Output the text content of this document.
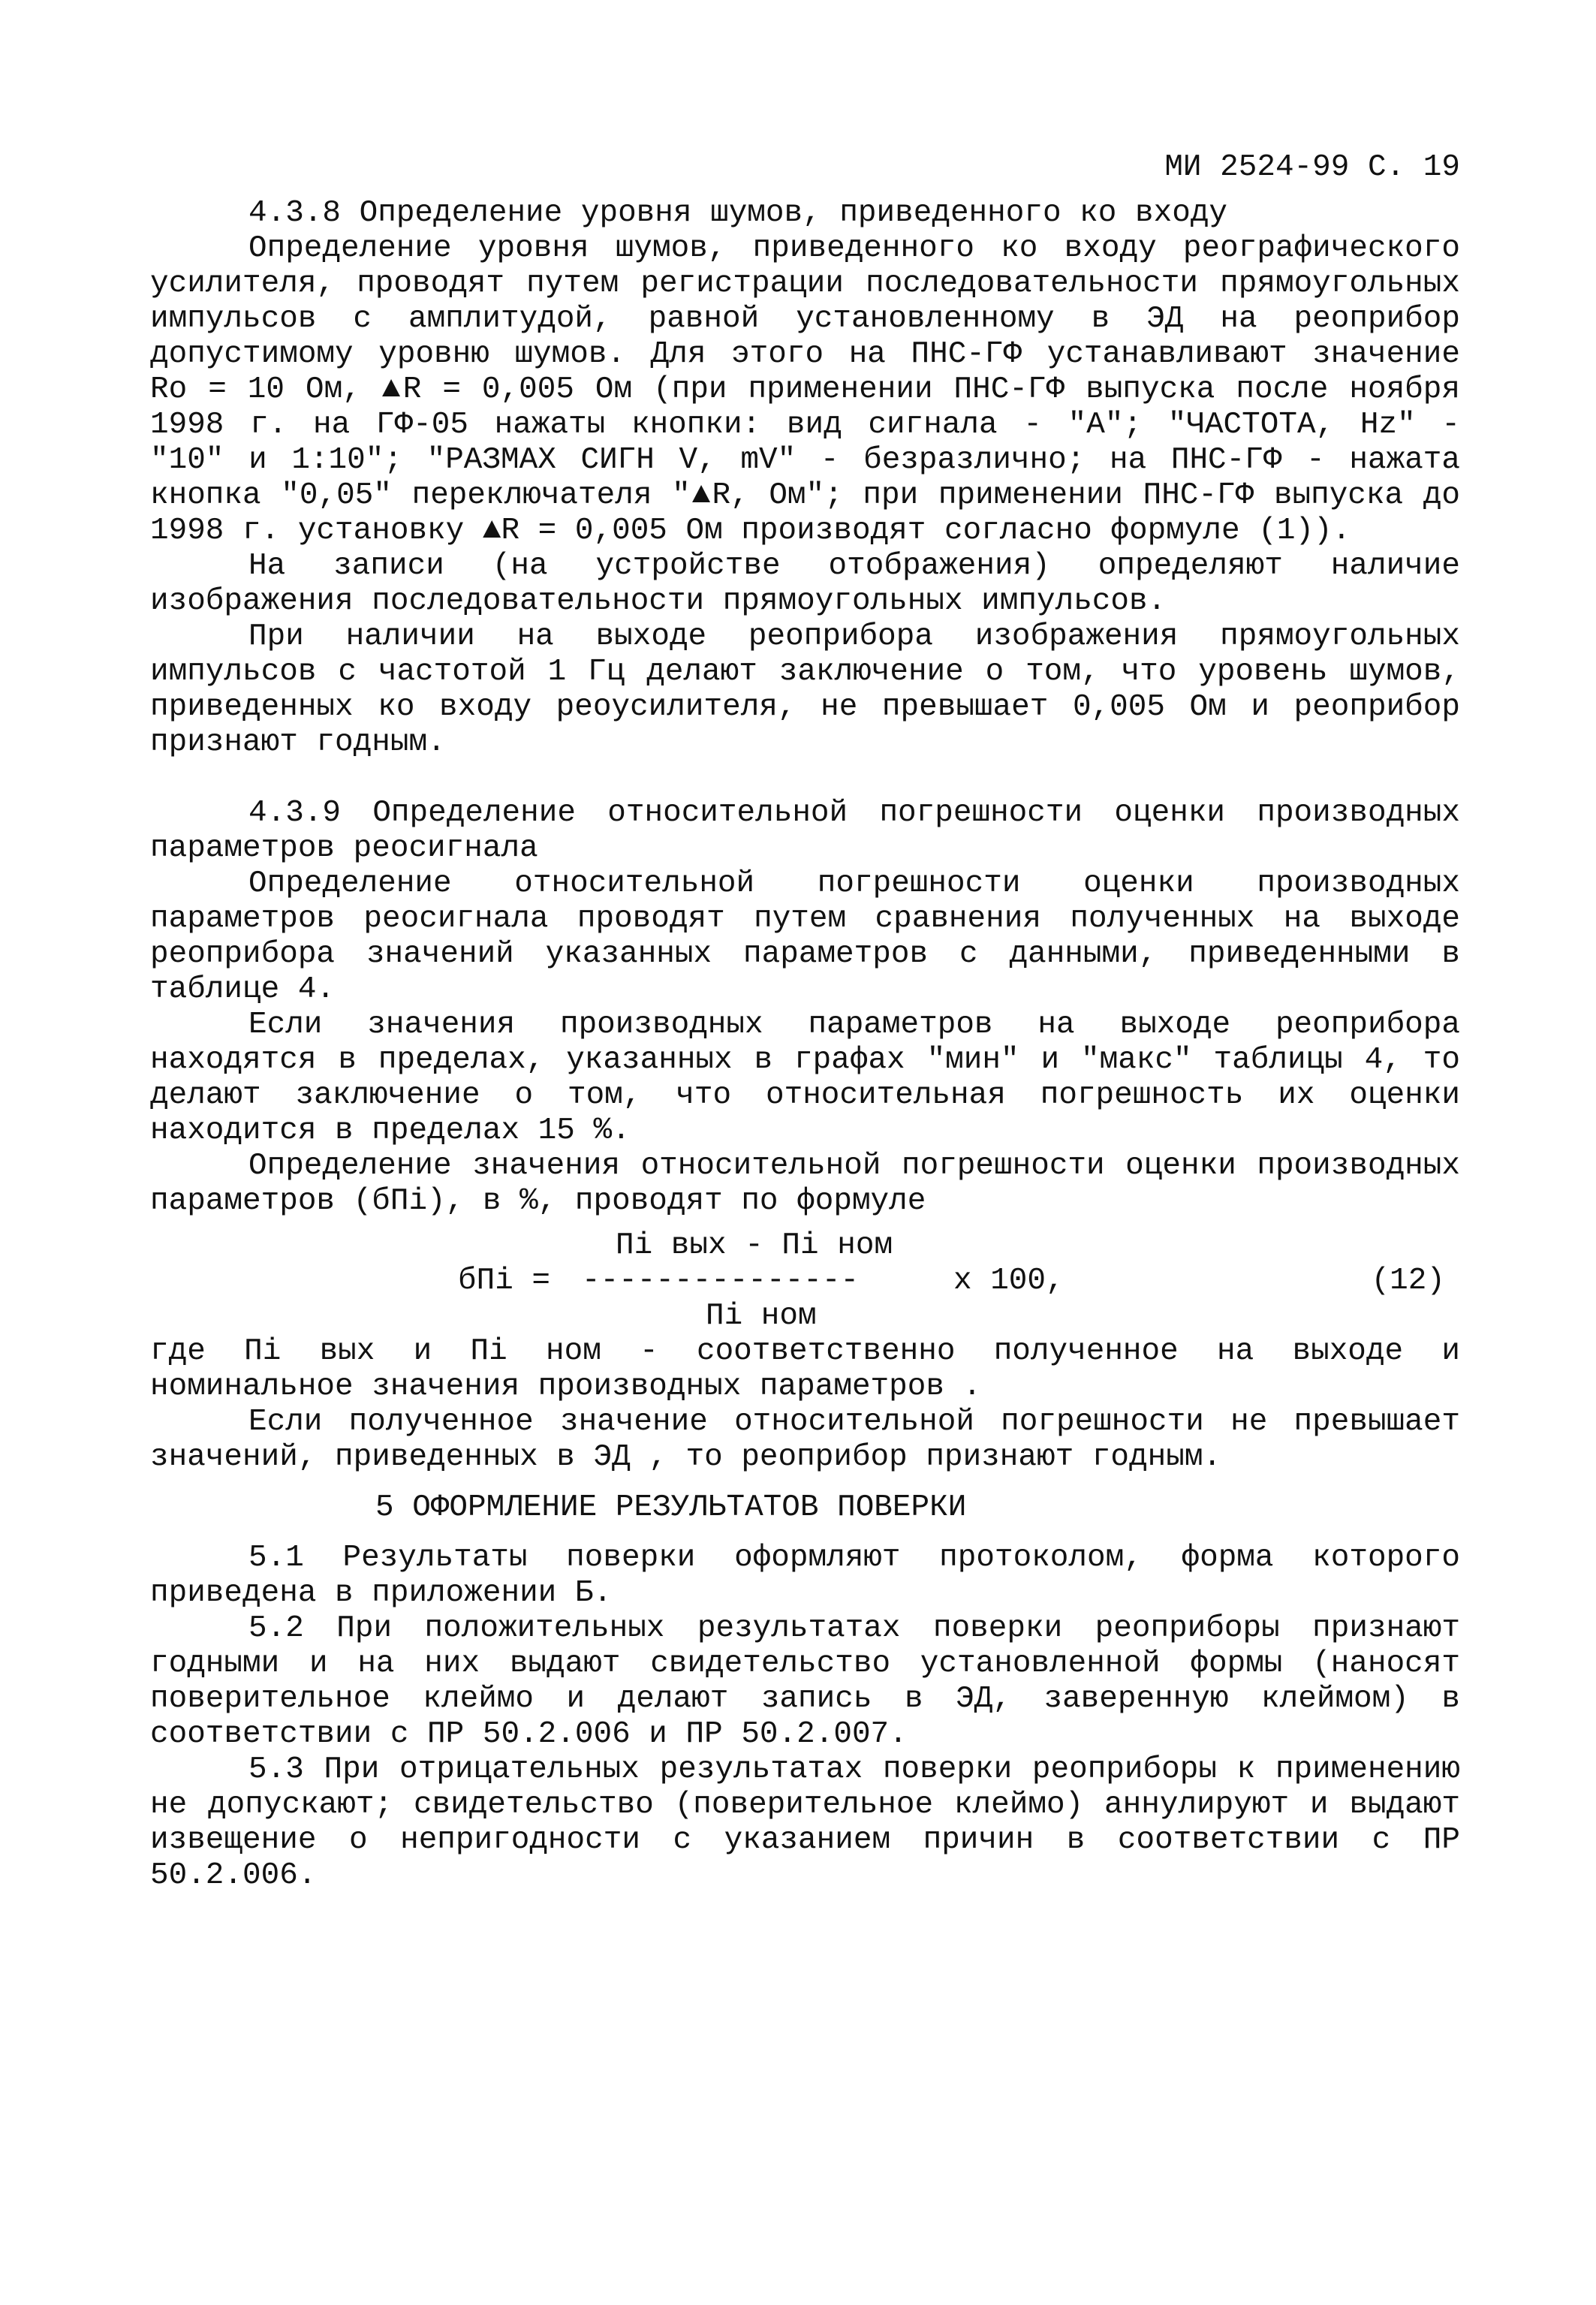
МИ 2524-99 С. 19

4.3.8 Определение уровня шумов, приведенного ко входу

Определение уровня шумов, приведенного ко входу реографического усилителя, проводят путем регистрации последовательности прямоугольных импульсов с амплитудой, равной установленному в ЭД на реоприбор допустимому уровню шумов. Для этого на ПНС-ГФ устанавливают значение Ro = 10 Ом, ▲R = 0,005 Ом (при применении ПНС-ГФ выпуска после ноября 1998 г. на ГФ-05 нажаты кнопки: вид сигнала - "А"; "ЧАСТОТА, Hz" - "10" и 1:10"; "РАЗМАХ СИГН V, mV" - безразлично; на ПНС-ГФ - нажата кнопка "0,05" переключателя "▲R, Ом"; при применении ПНС-ГФ выпуска до 1998 г. установку ▲R = 0,005 Ом производят согласно формуле (1)).

На записи (на устройстве отображения) определяют наличие изображения последовательности прямоугольных импульсов.

При наличии на выходе реоприбора изображения прямоугольных импульсов с частотой 1 Гц делают заключение о том, что уровень шумов, приведенных ко входу реоусилителя, не превышает 0,005 Ом и реоприбор признают годным.

4.3.9 Определение относительной погрешности оценки производных параметров реосигнала

Определение относительной погрешности оценки производных параметров реосигнала проводят путем сравнения полученных на выходе реоприбора значений указанных параметров с данными, приведенными в таблице 4.

Если значения производных параметров на выходе реоприбора находятся в пределах, указанных в графах "мин" и "макс" таблицы 4, то делают заключение о том, что относительная погрешность их оценки находится в пределах 15 %.

Определение значения относительной погрешности оценки производных параметров (бПi), в %, проводят по формуле

Пi вых - Пi ном
бПi = ---------------	x 100,	(12)
Пi ном

где Пi вых и Пi ном - соответственно полученное на выходе и номинальное значения производных параметров .

Если полученное значение относительной погрешности не превышает значений, приведенных в ЭД , то реоприбор признают годным.

5 ОФОРМЛЕНИЕ РЕЗУЛЬТАТОВ ПОВЕРКИ

5.1 Результаты поверки оформляют протоколом, форма которого приведена в приложении Б.

5.2 При положительных результатах поверки реоприборы признают годными и на них выдают свидетельство установленной формы (наносят поверительное клеймо и делают запись в ЭД, заверенную клеймом) в соответствии с ПР 50.2.006 и ПР 50.2.007.

5.3 При отрицательных результатах поверки реоприборы к применению не допускают; свидетельство (поверительное клеймо) аннулируют и выдают извещение о непригодности с указанием причин в соответствии с ПР 50.2.006.
